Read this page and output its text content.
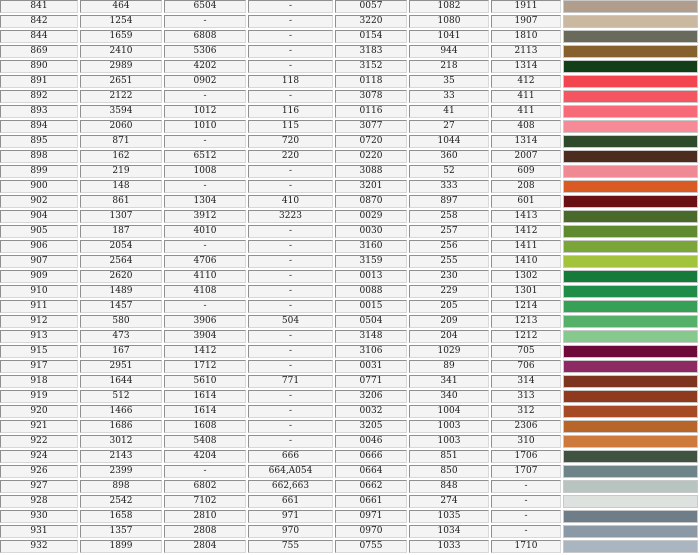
841	464	6504	-	0057	1082	1911	
842	1254	-	-	3220	1080	1907	
844	1659	6808	-	0154	1041	1810	
869	2410	5306	-	3183	944	2113	
890	2989	4202	-	3152	218	1314	
891	2651	0902	118	0118	35	412	
892	2122	-	-	3078	33	411	
893	3594	1012	116	0116	41	411	
894	2060	1010	115	3077	27	408	
895	871	-	720	0720	1044	1314	
898	162	6512	220	0220	360	2007	
899	219	1008	-	3088	52	609	
900	148	-	-	3201	333	208	
902	861	1304	410	0870	897	601	
904	1307	3912	3223	0029	258	1413	
905	187	4010	-	0030	257	1412	
906	2054	-	-	3160	256	1411	
907	2564	4706	-	3159	255	1410	
909	2620	4110	-	0013	230	1302	
910	1489	4108	-	0088	229	1301	
911	1457	-	-	0015	205	1214	
912	580	3906	504	0504	209	1213	
913	473	3904	-	3148	204	1212	
915	167	1412	-	3106	1029	705	
917	2951	1712	-	0031	89	706	
918	1644	5610	771	0771	341	314	
919	512	1614	-	3206	340	313	
920	1466	1614	-	0032	1004	312	
921	1686	1608	-	3205	1003	2306	
922	3012	5408	-	0046	1003	310	
924	2143	4204	666	0666	851	1706	
926	2399	-	664,A054	0664	850	1707	
927	898	6802	662,663	0662	848	-	
928	2542	7102	661	0661	274	-	
930	1658	2810	971	0971	1035	-	
931	1357	2808	970	0970	1034	-	
932	1899	2804	755	0755	1033	1710	
